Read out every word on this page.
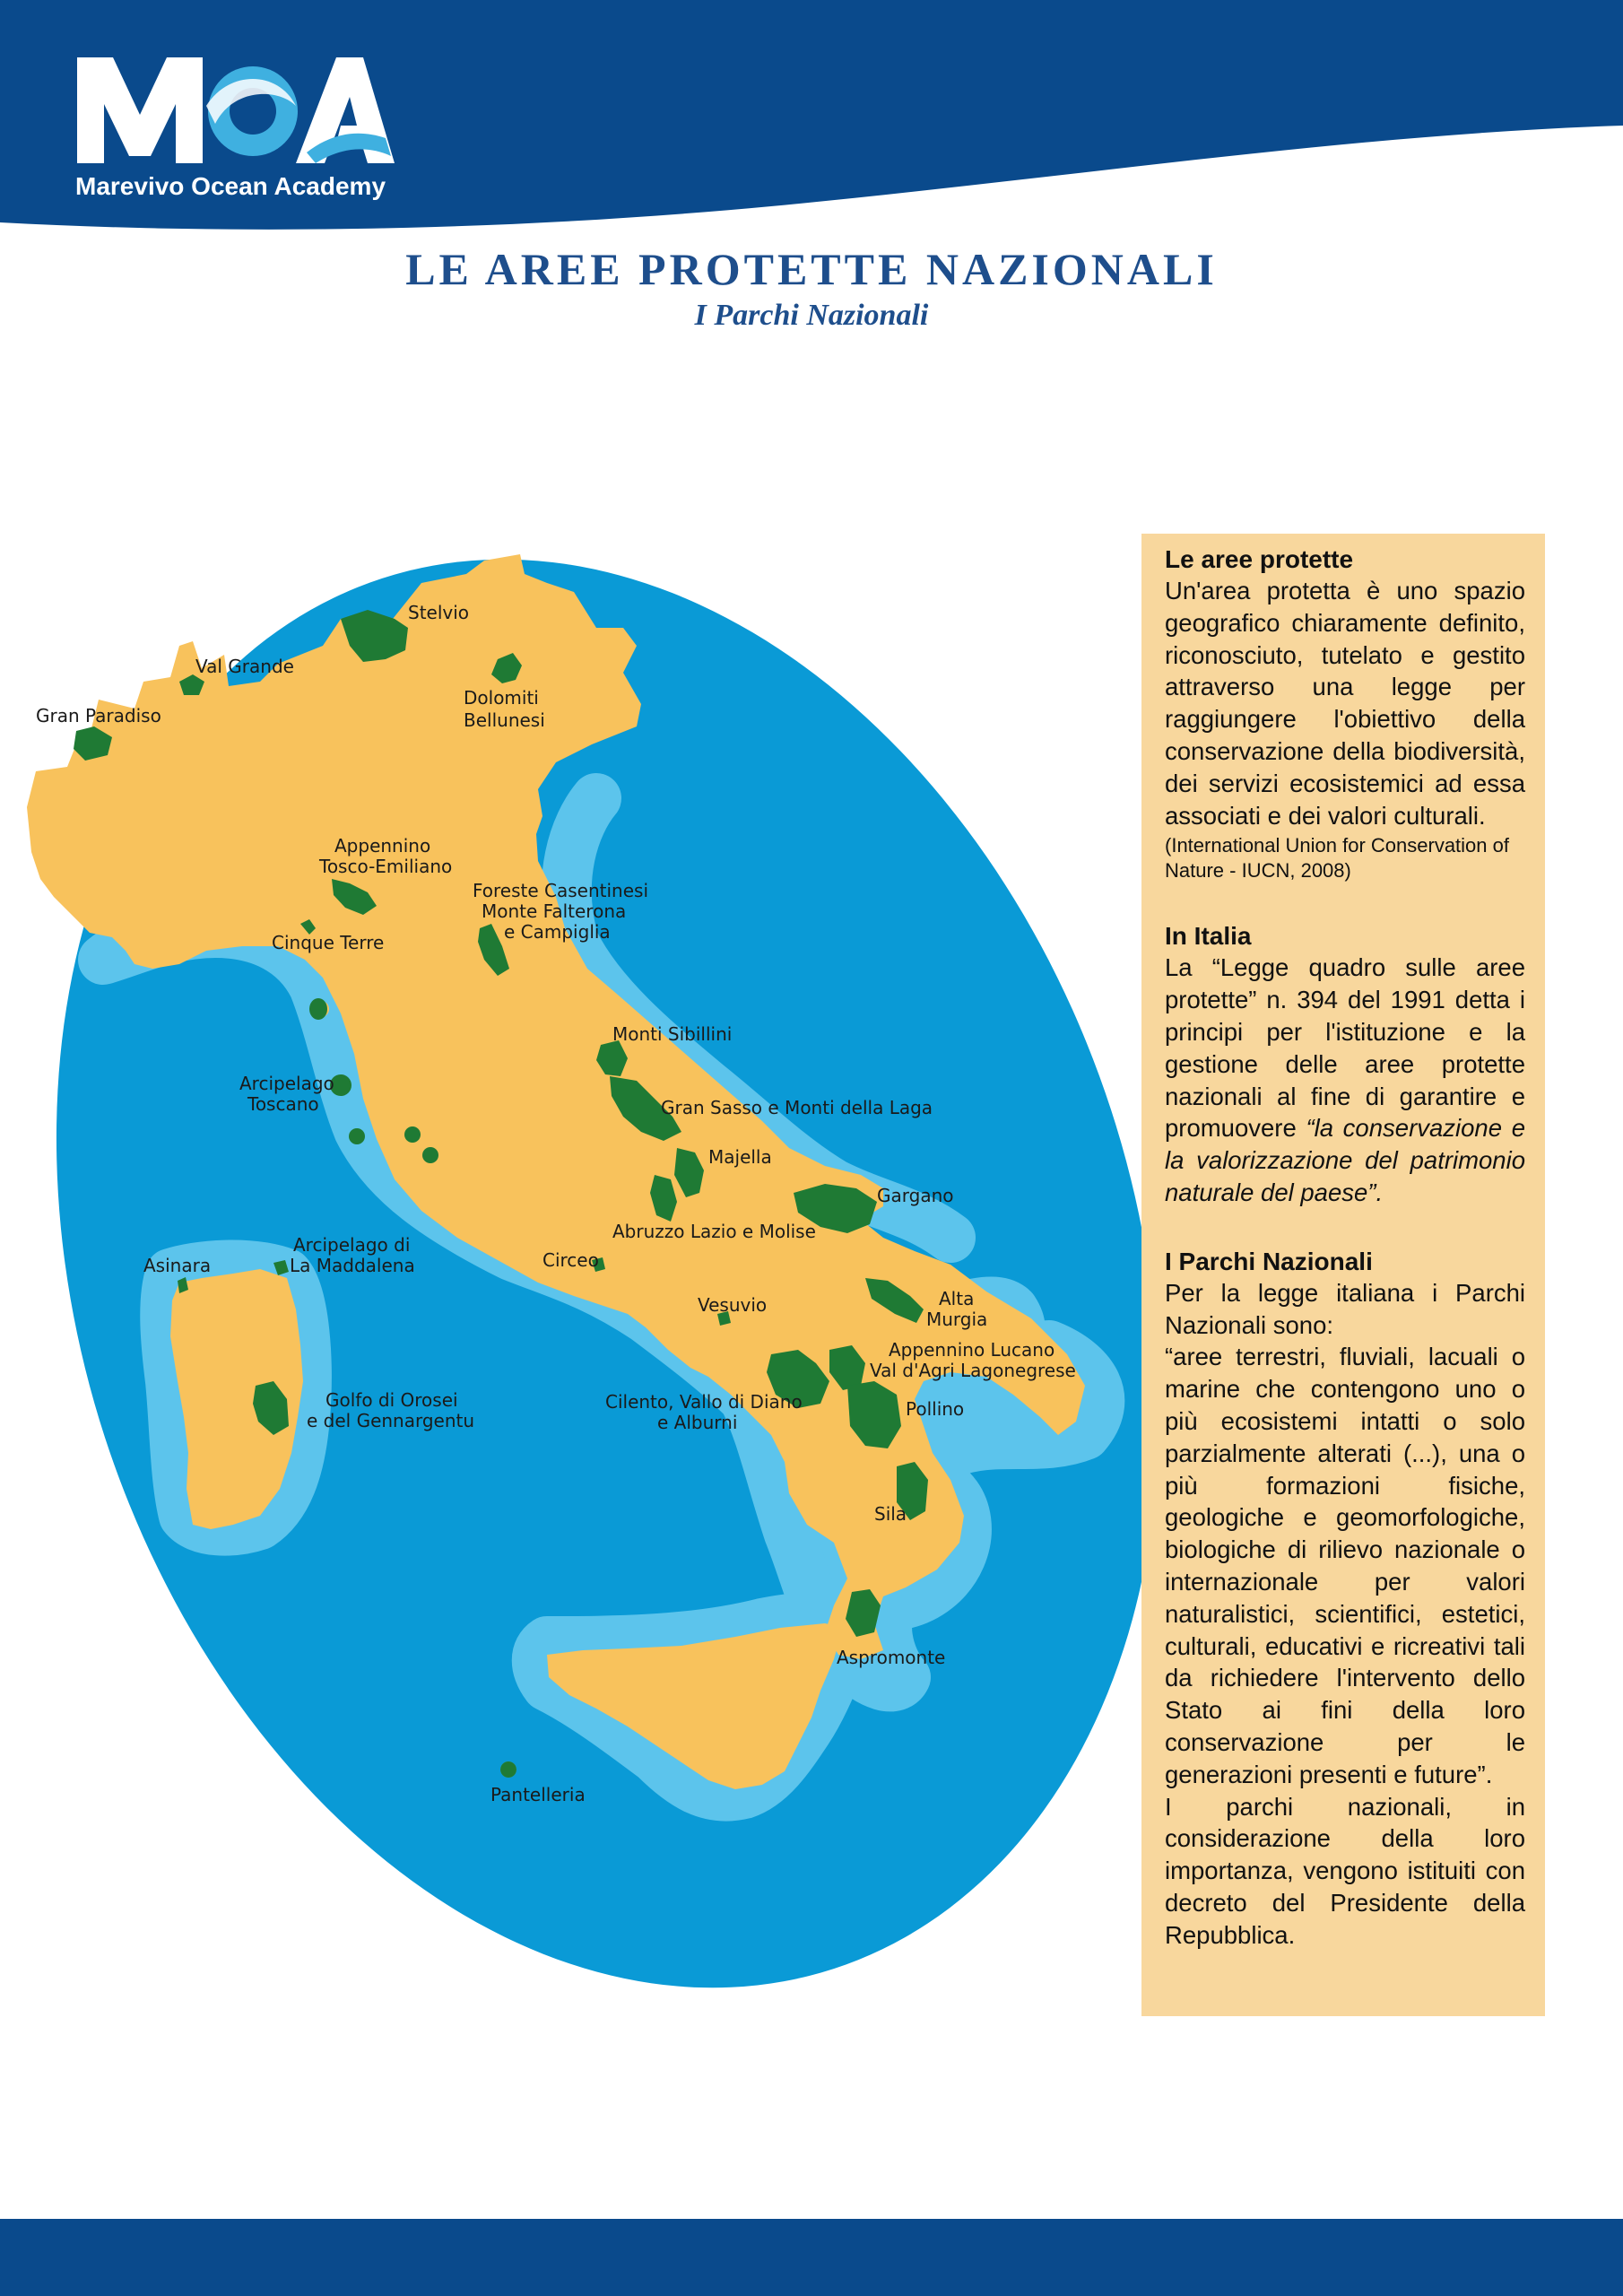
Marevivo Ocean Academy
LE AREE PROTETTE NAZIONALI
I Parchi Nazionali
Stelvio
Val Grande
Gran Paradiso
Dolomiti
Bellunesi
Appennino
Tosco-Emiliano
Foreste Casentinesi
Monte Falterona
e Campiglia
Cinque Terre
Monti Sibillini
Arcipelago
Toscano	Gran Sasso e Monti della Laga
Majella
Gargano
Abruzzo Lazio e Molise
Arcipelago di
La Maddalena
Asinara	Circeo
Alta
Murgia
Vesuvio
Appennino Lucano
Val d'Agri Lagonegrese
Golfo di Orosei
e del Gennargentu
Cilento, Vallo di Diano
e Alburni
Pollino
Sila
Aspromonte
Pantelleria

Le aree protette

Un'area protetta è uno spazio geografico chiaramente definito, riconosciuto, tutelato e gestito attraverso una legge per raggiungere l'obiettivo della conservazione della biodiversità, dei servizi ecosistemici ad essa associati e dei valori culturali.

(International Union for Conservation of Nature - IUCN, 2008)

In Italia

La “Legge quadro sulle aree protette” n. 394 del 1991 detta i principi per l'istituzione e la gestione delle aree protette nazionali al fine di garantire e promuovere “la conservazione e la valorizzazione del patrimonio naturale del paese”.

I Parchi Nazionali

Per la legge italiana i Parchi Nazionali sono:

“aree terrestri, fluviali, lacuali o marine che contengono uno o più ecosistemi intatti o solo parzialmente alterati (...), una o più formazioni fisiche, geologiche e geomorfologiche, biologiche di rilievo nazionale o internazionale per valori naturalistici, scientifici, estetici, culturali, educativi e ricreativi tali da richiedere l'intervento dello Stato ai fini della loro conservazione per le generazioni presenti e future”.

I parchi nazionali, in considerazione della loro importanza, vengono istituiti con decreto del Presidente della Repubblica.
